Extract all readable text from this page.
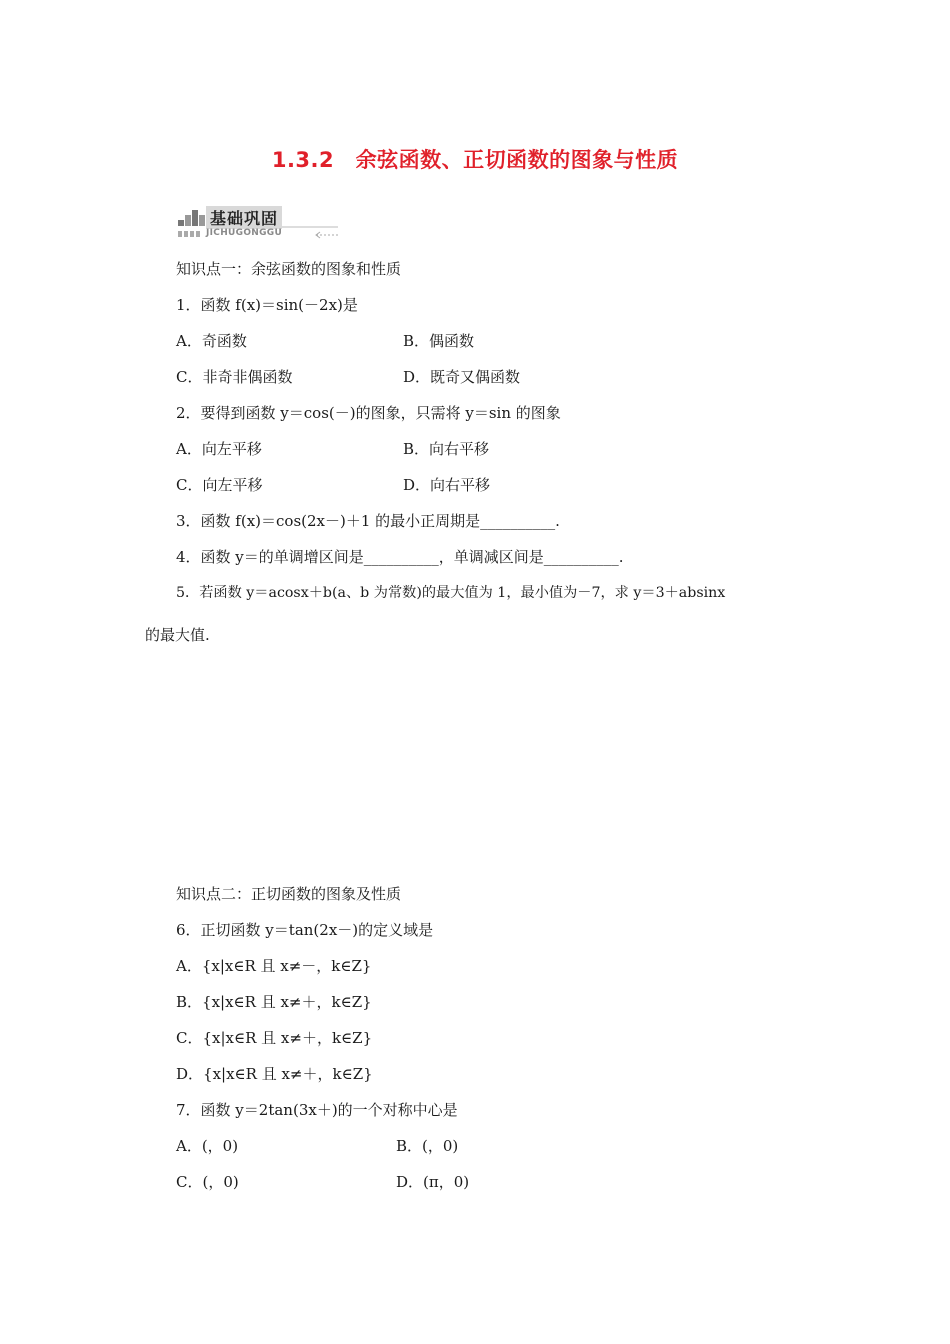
1.3.2　余弦函数、正切函数的图象与性质
基础巩固
JICHUGONGGU
知识点一：余弦函数的图象和性质
1．函数 f(x)＝sin(－2x)是
A．奇函数	B．偶函数
C．非奇非偶函数	D．既奇又偶函数
2．要得到函数 y＝cos(－)的图象，只需将 y＝sin 的图象
A．向左平移	B．向右平移
C．向左平移	D．向右平移
3．函数 f(x)＝cos(2x－)＋1 的最小正周期是__________.
4．函数 y＝的单调增区间是__________，单调减区间是__________.
5．若函数 y＝acosx＋b(a、b 为常数)的最大值为 1，最小值为－7，求 y＝3＋absinx
的最大值.
知识点二：正切函数的图象及性质
6．正切函数 y＝tan(2x－)的定义域是
A．{x|x∈R 且 x≠－，k∈Z}
B．{x|x∈R 且 x≠＋，k∈Z}
C．{x|x∈R 且 x≠＋，k∈Z}
D．{x|x∈R 且 x≠＋，k∈Z}
7．函数 y＝2tan(3x＋)的一个对称中心是
A．(，0)	B．(，0)
C．(，0)	D．(π，0)
